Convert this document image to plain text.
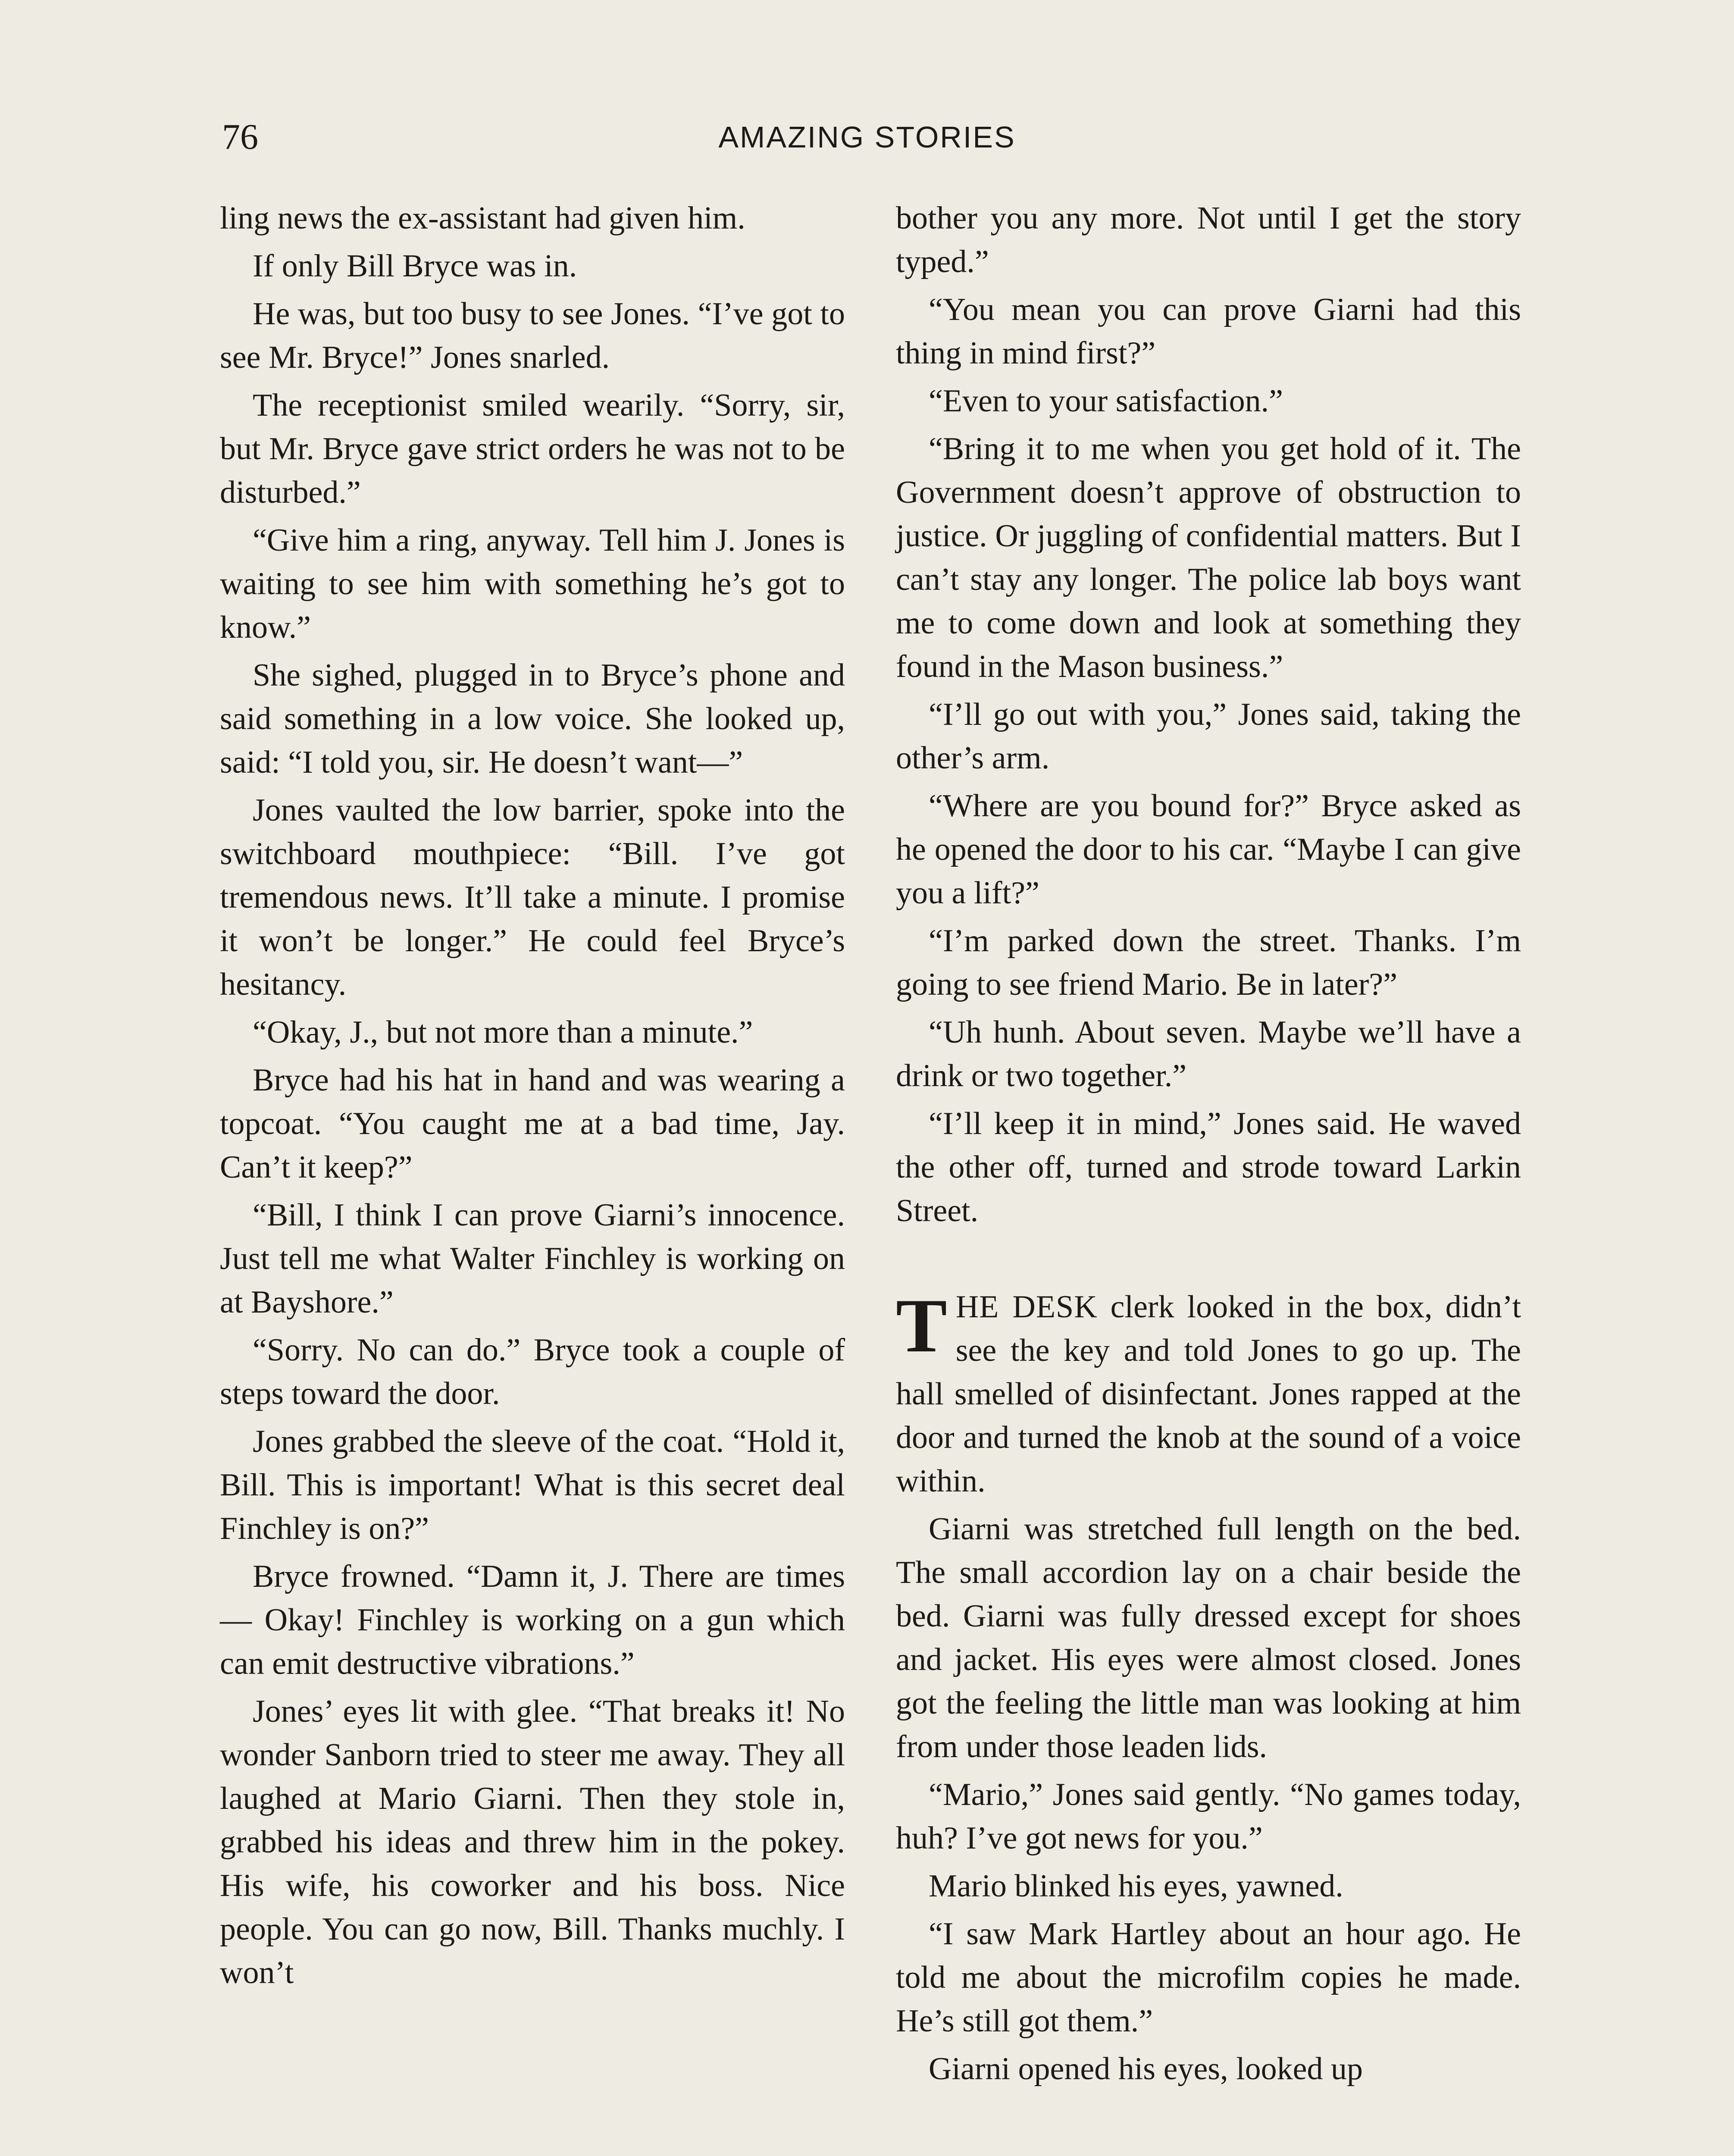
76	AMAZING STORIES

ling news the ex-assistant had given him.

If only Bill Bryce was in.

He was, but too busy to see Jones. “I’ve got to see Mr. Bryce!” Jones snarled.

The receptionist smiled wearily. “Sorry, sir, but Mr. Bryce gave strict orders he was not to be disturbed.”

“Give him a ring, anyway. Tell him J. Jones is waiting to see him with something he’s got to know.”

She sighed, plugged in to Bryce’s phone and said something in a low voice. She looked up, said: “I told you, sir. He doesn’t want—”

Jones vaulted the low barrier, spoke into the switchboard mouthpiece: “Bill. I’ve got tremendous news. It’ll take a minute. I promise it won’t be longer.” He could feel Bryce’s hesitancy.

“Okay, J., but not more than a minute.”

Bryce had his hat in hand and was wearing a topcoat. “You caught me at a bad time, Jay. Can’t it keep?”

“Bill, I think I can prove Giarni’s innocence. Just tell me what Walter Finchley is working on at Bayshore.”

“Sorry. No can do.” Bryce took a couple of steps toward the door.

Jones grabbed the sleeve of the coat. “Hold it, Bill. This is important! What is this secret deal Finchley is on?”

Bryce frowned. “Damn it, J. There are times— Okay! Finchley is working on a gun which can emit destructive vibrations.”

Jones’ eyes lit with glee. “That breaks it! No wonder Sanborn tried to steer me away. They all laughed at Mario Giarni. Then they stole in, grabbed his ideas and threw him in the pokey. His wife, his coworker and his boss. Nice people. You can go now, Bill. Thanks muchly. I won’t

bother you any more. Not until I get the story typed.”

“You mean you can prove Giarni had this thing in mind first?”

“Even to your satisfaction.”

“Bring it to me when you get hold of it. The Government doesn’t approve of obstruction to justice. Or juggling of confidential matters. But I can’t stay any longer. The police lab boys want me to come down and look at something they found in the Mason business.”

“I’ll go out with you,” Jones said, taking the other’s arm.

“Where are you bound for?” Bryce asked as he opened the door to his car. “Maybe I can give you a lift?”

“I’m parked down the street. Thanks. I’m going to see friend Mario. Be in later?”

“Uh hunh. About seven. Maybe we’ll have a drink or two together.”

“I’ll keep it in mind,” Jones said. He waved the other off, turned and strode toward Larkin Street.

THE DESK clerk looked in the box, didn’t see the key and told Jones to go up. The hall smelled of disinfectant. Jones rapped at the door and turned the knob at the sound of a voice within.

Giarni was stretched full length on the bed. The small accordion lay on a chair beside the bed. Giarni was fully dressed except for shoes and jacket. His eyes were almost closed. Jones got the feeling the little man was looking at him from under those leaden lids.

“Mario,” Jones said gently. “No games today, huh? I’ve got news for you.”

Mario blinked his eyes, yawned.

“I saw Mark Hartley about an hour ago. He told me about the microfilm copies he made. He’s still got them.”

Giarni opened his eyes, looked up
